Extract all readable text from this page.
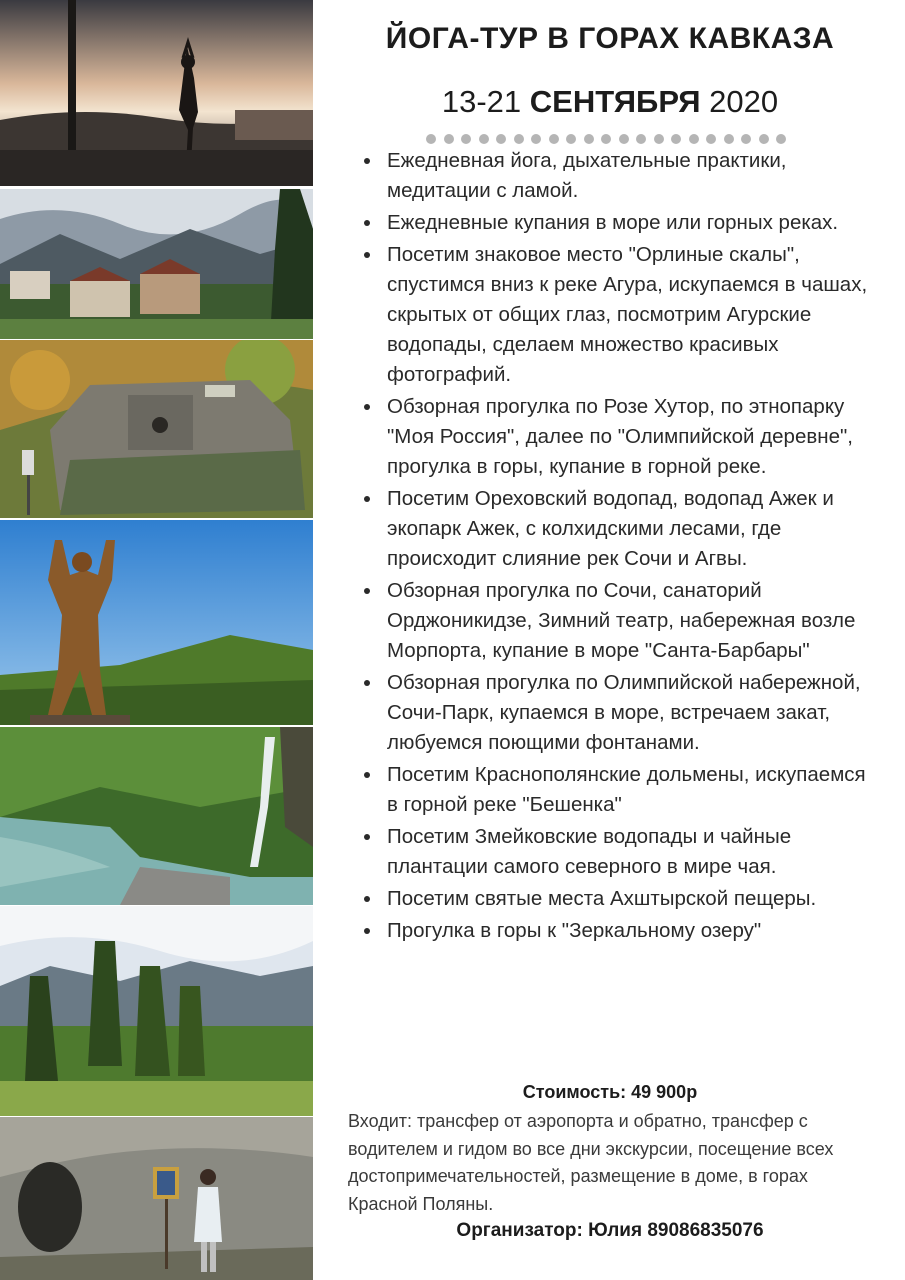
ЙОГА-ТУР В ГОРАХ КАВКАЗА
13-21 СЕНТЯБРЯ 2020
Ежедневная йога, дыхательные практики, медитации с ламой.
Ежедневные купания в море или горных реках.
Посетим знаковое место "Орлиные скалы", спустимся вниз к реке Агура, искупаемся в чашах, скрытых от общих глаз, посмотрим Агурские водопады, сделаем множество красивых фотографий.
Обзорная прогулка по Розе Хутор, по этнопарку "Моя Россия", далее по "Олимпийской деревне", прогулка в горы, купание в горной реке.
Посетим Ореховский водопад, водопад Ажек и экопарк Ажек, с колхидскими лесами, где происходит слияние рек Сочи и Агвы.
Обзорная прогулка по Сочи, санаторий Орджоникидзе, Зимний театр, набережная возле Морпорта, купание в море "Санта-Барбары"
Обзорная прогулка по Олимпийской набережной, Сочи-Парк, купаемся в море, встречаем закат, любуемся поющими фонтанами.
Посетим Краснополянские дольмены, искупаемся в горной реке "Бешенка"
Посетим Змейковские водопады и чайные плантации самого северного в мире чая.
Посетим святые места Ахштырской пещеры.
Прогулка в горы к "Зеркальному озеру"
Стоимость: 49 900р
Входит: трансфер от аэропорта и обратно, трансфер с водителем и гидом во все дни экскурсии, посещение всех достопримечательностей, размещение в доме, в горах Красной Поляны.
Организатор: Юлия 89086835076
